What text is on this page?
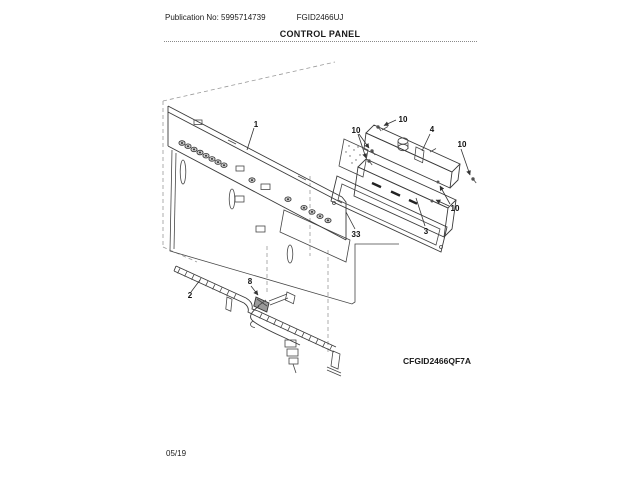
Publication No: 5995714739	FGID2466UJ
CONTROL PANEL
1
2
3
4
8
10
10
10
10
33
CFGID2466QF7A
05/19
